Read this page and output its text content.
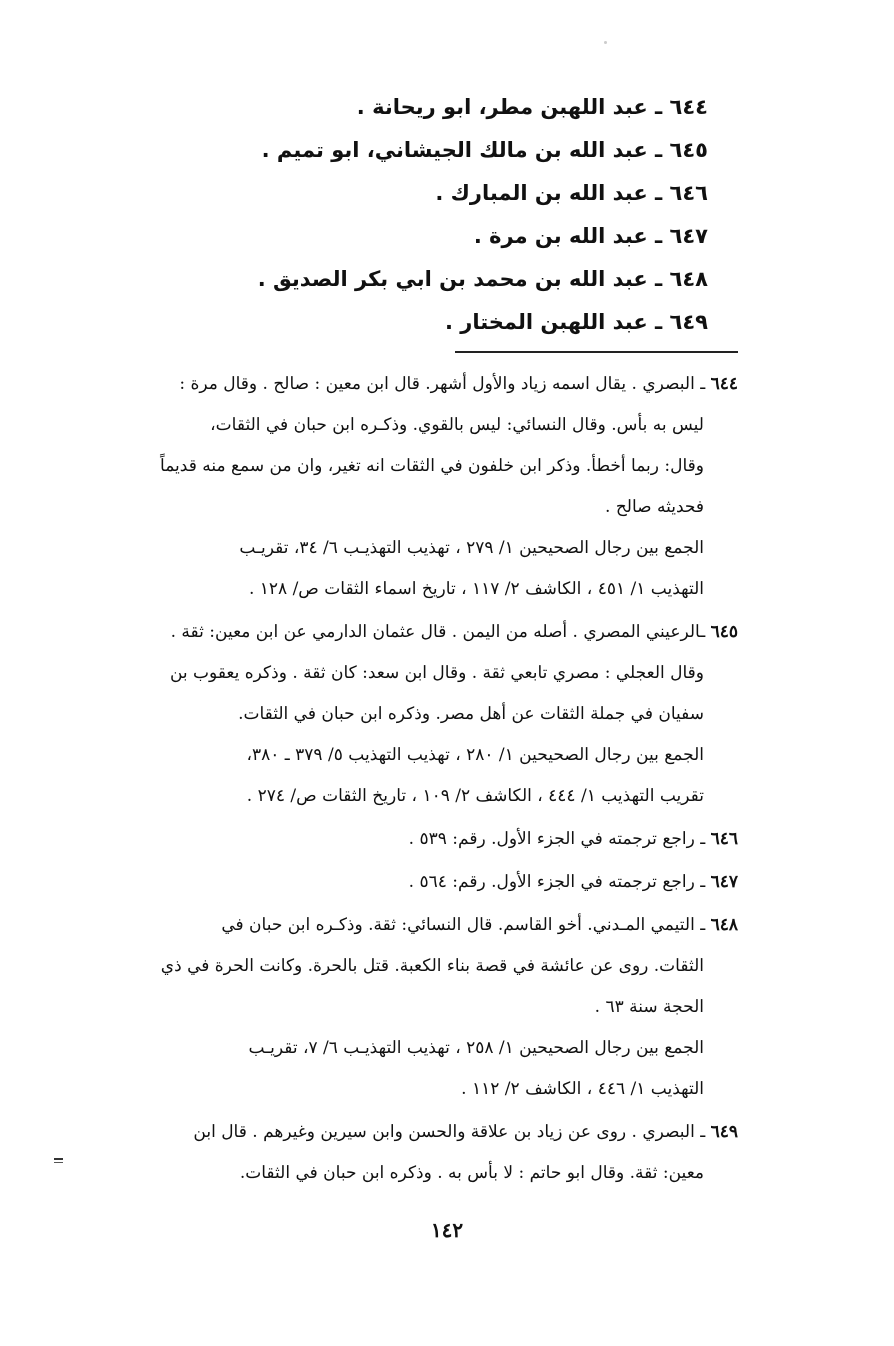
٦٤٤ ـ عبد اللهبن مطر، ابو ريحانة .
٦٤٥ ـ عبد الله بن مالك الجيشاني، ابو تميم .
٦٤٦ ـ عبد الله بن المبارك .
٦٤٧ ـ عبد الله بن مرة .
٦٤٨ ـ عبد الله بن محمد بن ابي بكر الصديق .
٦٤٩ ـ عبد اللهبن المختار .
٦٤٤ ـ البصري . يقال اسمه زياد والأول أشهر. قال ابن معين : صالح . وقال مرة :
ليس به بأس. وقال النسائي: ليس بالقوي. وذكـره ابن حبان في الثقات،
وقال: ربما أخطأ. وذكر ابن خلفون في الثقات انه تغير، وان من سمع منه قديماً
فحديثه صالح .
الجمع بين رجال الصحيحين ١/ ٢٧٩ ، تهذيب التهذيـب ٦/ ٣٤، تقريـب
التهذيب ١/ ٤٥١ ، الكاشف ٢/ ١١٧ ، تاريخ اسماء الثقات ص/ ١٢٨ .
٦٤٥ ـالرعيني المصري . أصله من اليمن . قال عثمان الدارمي عن ابن معين: ثقة .
وقال العجلي : مصري تابعي ثقة . وقال ابن سعد: كان ثقة . وذكره يعقوب بن
سفيان في جملة الثقات عن أهل مصر. وذكره ابن حبان في الثقات.
الجمع بين رجال الصحيحين ١/ ٢٨٠ ، تهذيب التهذيب ٥/ ٣٧٩ ـ ٣٨٠،
تقريب التهذيب ١/ ٤٤٤ ، الكاشف ٢/ ١٠٩ ، تاريخ الثقات ص/ ٢٧٤ .
٦٤٦ ـ راجع ترجمته في الجزء الأول. رقم: ٥٣٩ .
٦٤٧ ـ راجع ترجمته في الجزء الأول. رقم: ٥٦٤ .
٦٤٨ ـ التيمي المـدني. أخو القاسم. قال النسائي: ثقة. وذكـره ابن حبان في
الثقات. روى عن عائشة في قصة بناء الكعبة. قتل بالحرة. وكانت الحرة في ذي
الحجة سنة ٦٣ .
الجمع بين رجال الصحيحين ١/ ٢٥٨ ، تهذيب التهذيـب ٦/ ٧، تقريـب
التهذيب ١/ ٤٤٦ ، الكاشف ٢/ ١١٢ .
٦٤٩ ـ البصري . روى عن زياد بن علاقة والحسن وابن سيرين وغيرهم . قال ابن
معين: ثقة. وقال ابو حاتم : لا بأس به . وذكره ابن حبان في الثقات.
١٤٢
